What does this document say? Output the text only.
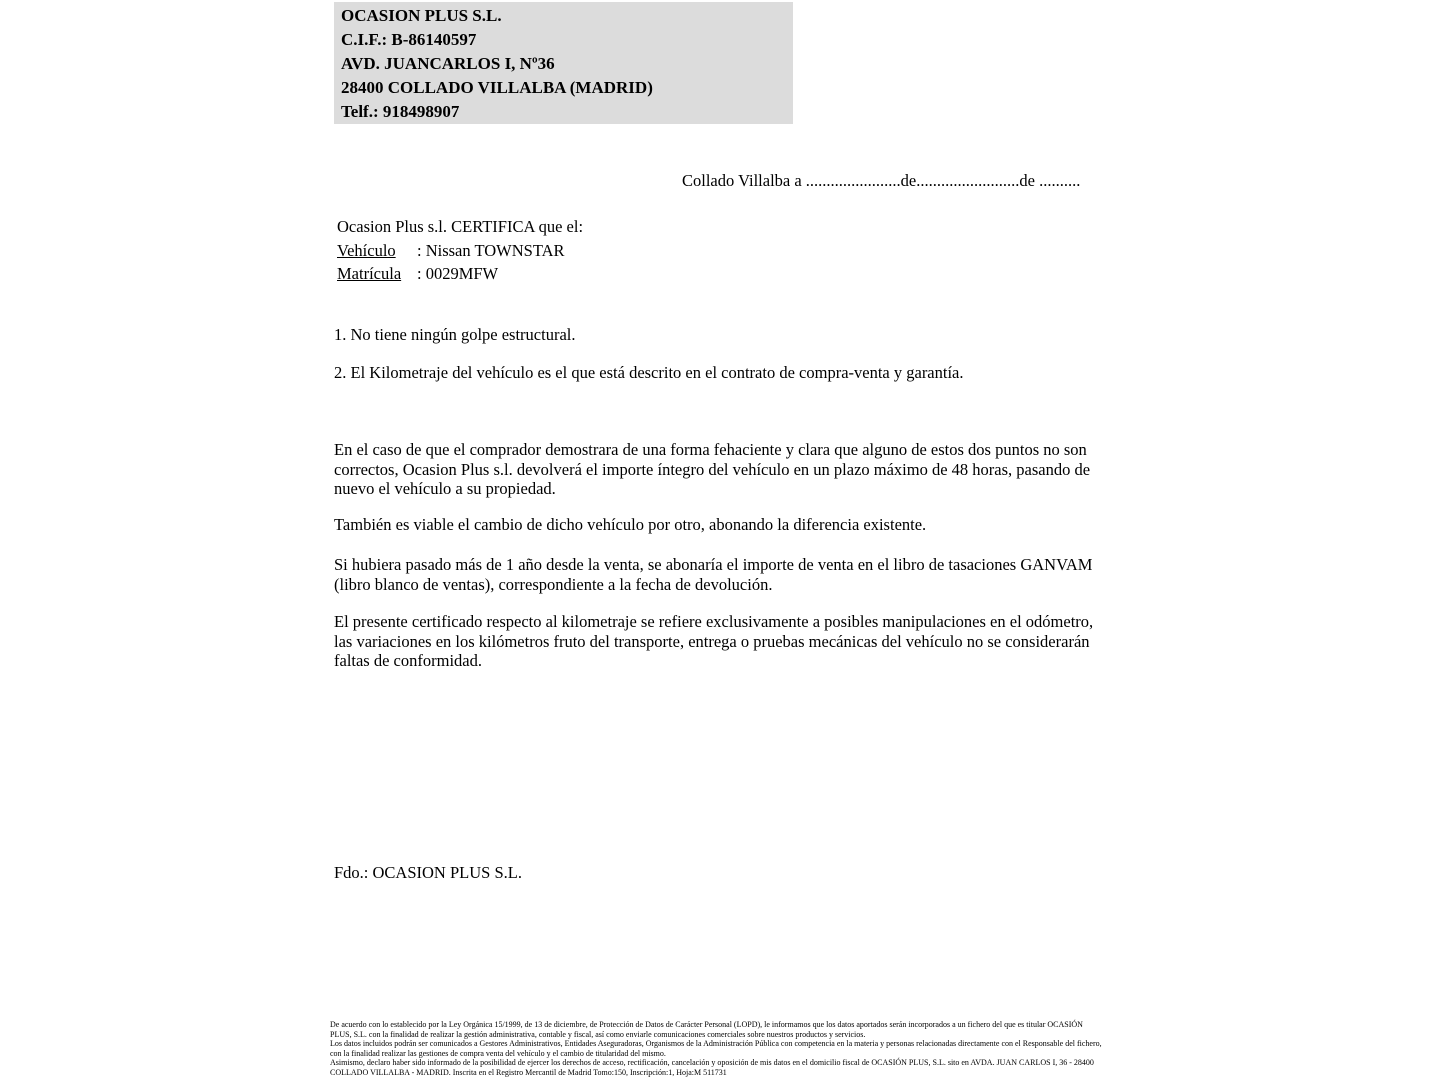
OCASION PLUS S.L.
C.I.F.: B-86140597
AVD. JUANCARLOS I, Nº36
28400 COLLADO VILLALBA (MADRID)
Telf.: 918498907
Collado Villalba a .......................de.........................de ..........
Ocasion Plus s.l. CERTIFICA que el:
Vehículo : Nissan TOWNSTAR
Matrícula : 0029MFW
1. No tiene ningún golpe estructural.
2. El Kilometraje del vehículo es el que está descrito en el contrato de compra-venta y garantía.
En el caso de que el comprador demostrara de una forma fehaciente y clara que alguno de estos dos puntos no son correctos, Ocasion Plus s.l. devolverá el importe íntegro del vehículo en un plazo máximo de 48 horas, pasando de nuevo el vehículo a su propiedad.
También es viable el cambio de dicho vehículo por otro, abonando la diferencia existente.
Si hubiera pasado más de 1 año desde la venta, se abonaría el importe de venta en el libro de tasaciones GANVAM (libro blanco de ventas), correspondiente a la fecha de devolución.
El presente certificado respecto al kilometraje se refiere exclusivamente a posibles manipulaciones en el odómetro, las variaciones en los kilómetros fruto del transporte, entrega o pruebas mecánicas del vehículo no se considerarán faltas de conformidad.
Fdo.: OCASION PLUS S.L.
De acuerdo con lo establecido por la Ley Orgánica 15/1999, de 13 de diciembre, de Protección de Datos de Carácter Personal (LOPD), le informamos que los datos aportados serán incorporados a un fichero del que es titular OCASIÓN PLUS, S.L. con la finalidad de realizar la gestión administrativa, contable y fiscal, así como enviarle comunicaciones comerciales sobre nuestros productos y servicios.
Los datos incluidos podrán ser comunicados a Gestores Administrativos, Entidades Aseguradoras, Organismos de la Administración Pública con competencia en la materia y personas relacionadas directamente con el Responsable del fichero, con la finalidad realizar las gestiones de compra venta del vehículo y el cambio de titularidad del mismo.
Asimismo, declaro haber sido informado de la posibilidad de ejercer los derechos de acceso, rectificación, cancelación y oposición de mis datos en el domicilio fiscal de OCASIÓN PLUS, S.L. sito en AVDA. JUAN CARLOS I, 36 - 28400 COLLADO VILLALBA - MADRID. Inscrita en el Registro Mercantil de Madrid Tomo:150, Inscripción:1, Hoja:M 511731
